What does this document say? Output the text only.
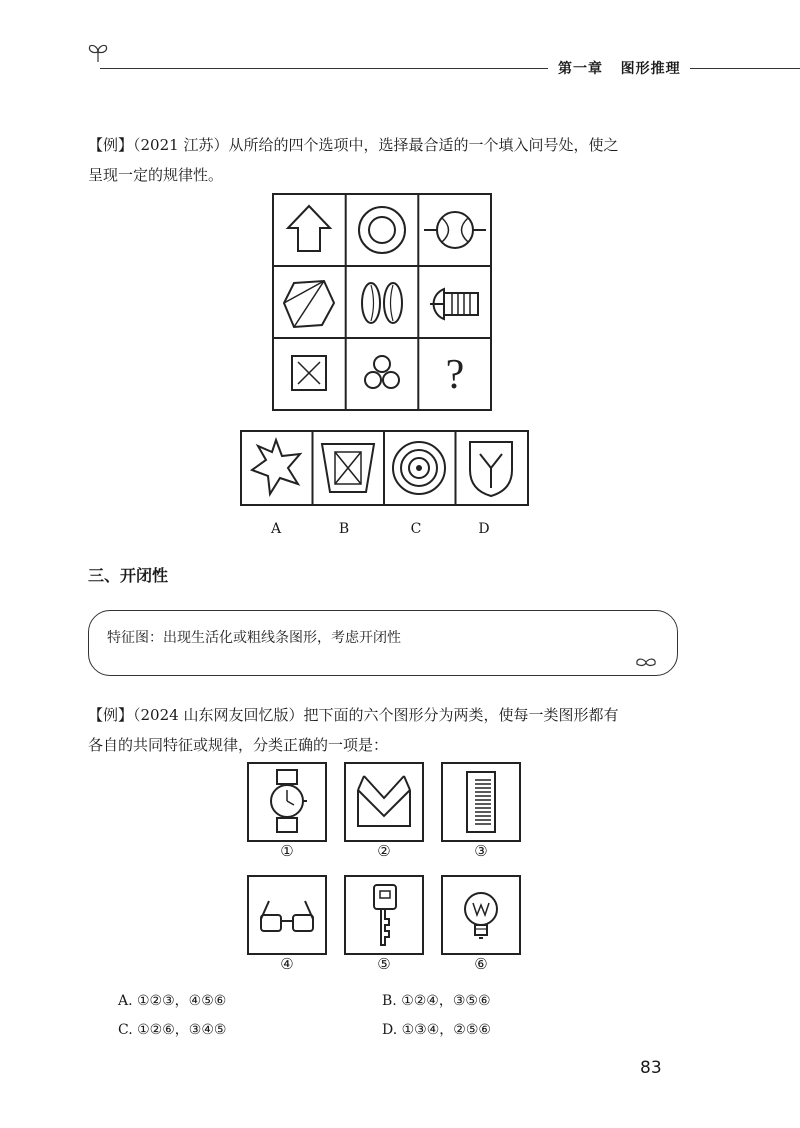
第一章 图形推理
【例】（2021 江苏）从所给的四个选项中，选择最合适的一个填入问号处，使之
呈现一定的规律性。
?
A	B	C	D
三、开闭性
特征图：出现生活化或粗线条图形，考虑开闭性
【例】（2024 山东网友回忆版）把下面的六个图形分为两类，使每一类图形都有
各自的共同特征或规律，分类正确的一项是：
①	②	③
④	⑤	⑥
A. ①②③，④⑤⑥	B. ①②④，③⑤⑥
C. ①②⑥，③④⑤	D. ①③④，②⑤⑥
83
